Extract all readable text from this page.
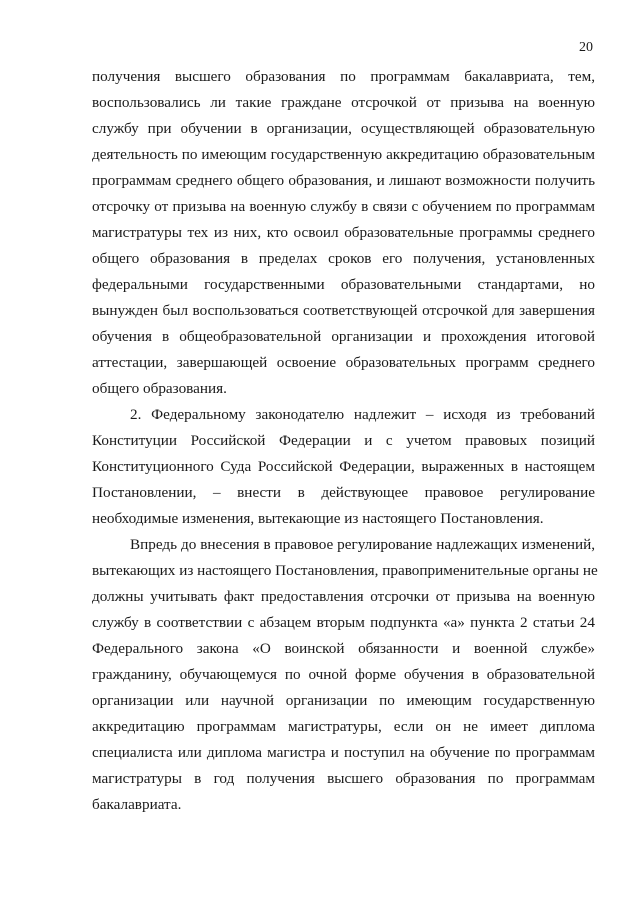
20
получения высшего образования по программам бакалавриата, тем,
воспользовались ли такие граждане отсрочкой от призыва на военную
службу при обучении в организации, осуществляющей образовательную
деятельность по имеющим государственную аккредитацию образовательным
программам среднего общего образования, и лишают возможности получить
отсрочку от призыва на военную службу в связи с обучением по программам
магистратуры тех из них, кто освоил образовательные программы среднего
общего образования в пределах сроков его получения, установленных
федеральными государственными образовательными стандартами, но
вынужден был воспользоваться соответствующей отсрочкой для завершения
обучения в общеобразовательной организации и прохождения итоговой
аттестации, завершающей освоение образовательных программ среднего
общего образования.
2. Федеральному законодателю надлежит – исходя из требований
Конституции Российской Федерации и с учетом правовых позиций
Конституционного Суда Российской Федерации, выраженных в настоящем
Постановлении, – внести в действующее правовое регулирование
необходимые изменения, вытекающие из настоящего Постановления.
Впредь до внесения в правовое регулирование надлежащих изменений,
вытекающих из настоящего Постановления, правоприменительные органы не
должны учитывать факт предоставления отсрочки от призыва на военную
службу в соответствии с абзацем вторым подпункта «а» пункта 2 статьи 24
Федерального закона «О воинской обязанности и военной службе»
гражданину, обучающемуся по очной форме обучения в образовательной
организации или научной организации по имеющим государственную
аккредитацию программам магистратуры, если он не имеет диплома
специалиста или диплома магистра и поступил на обучение по программам
магистратуры в год получения высшего образования по программам
бакалавриата.
